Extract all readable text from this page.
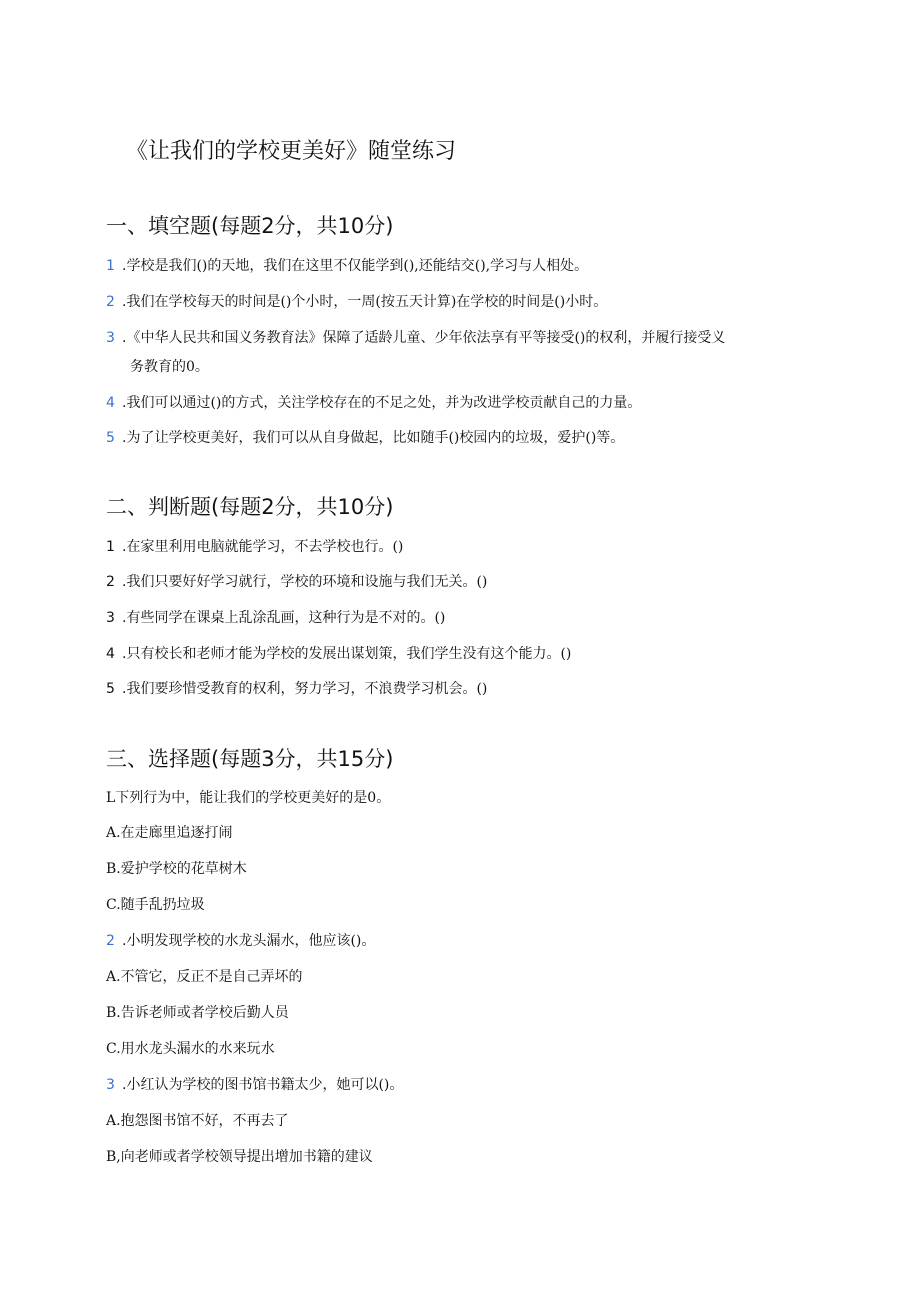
《让我们的学校更美好》随堂练习
一、填空题(每题2分，共10分)
1 .学校是我们()的天地，我们在这里不仅能学到(),还能结交(),学习与人相处。
2 .我们在学校每天的时间是()个小时，一周(按五天计算)在学校的时间是()小时。
3 .《中华人民共和国义务教育法》保障了适龄儿童、少年依法享有平等接受()的权利，并履行接受义
务教育的0。
4 .我们可以通过()的方式，关注学校存在的不足之处，并为改进学校贡献自己的力量。
5 .为了让学校更美好，我们可以从自身做起，比如随手()校园内的垃圾，爱护()等。
二、判断题(每题2分，共10分)
1 .在家里利用电脑就能学习，不去学校也行。()
2 .我们只要好好学习就行，学校的环境和设施与我们无关。()
3 .有些同学在课桌上乱涂乱画，这种行为是不对的。()
4 .只有校长和老师才能为学校的发展出谋划策，我们学生没有这个能力。()
5 .我们要珍惜受教育的权利，努力学习，不浪费学习机会。()
三、选择题(每题3分，共15分)
L下列行为中，能让我们的学校更美好的是0。
A.在走廊里追逐打闹
B.爱护学校的花草树木
C.随手乱扔垃圾
2 .小明发现学校的水龙头漏水，他应该()。
A.不管它，反正不是自己弄坏的
B.告诉老师或者学校后勤人员
C.用水龙头漏水的水来玩水
3 .小红认为学校的图书馆书籍太少，她可以()。
A.抱怨图书馆不好，不再去了
B,向老师或者学校领导提出增加书籍的建议
